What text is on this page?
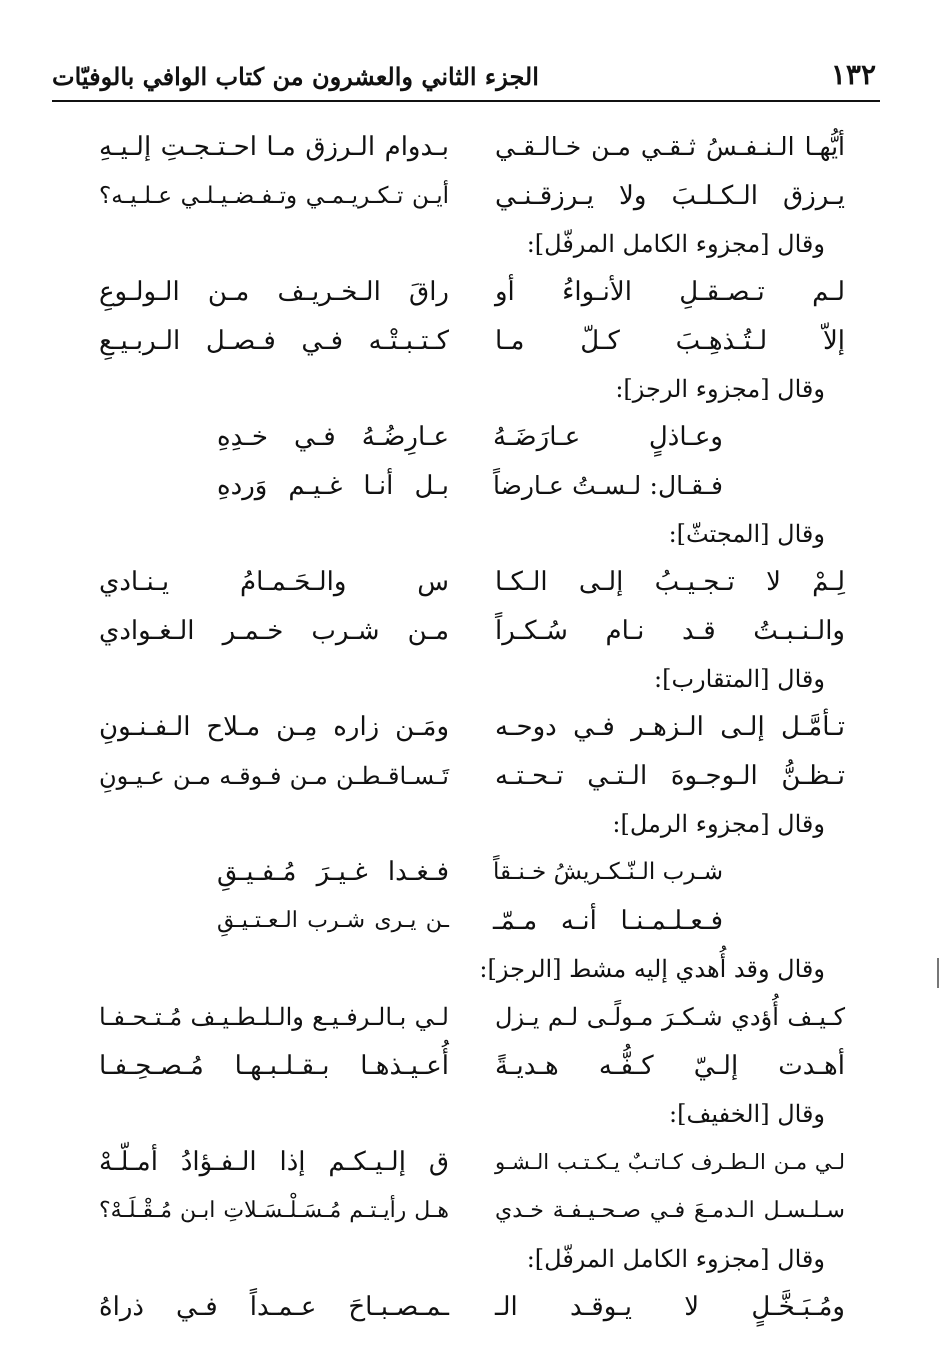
الجزء الثاني والعشرون من كتاب الوافي بالوفيّات	١٣٢
أيُّهـا الـنـفـسُ ثـقـي مـن خـالـقـي
بـدوام الـرزق مـا احـتـجـتِ إلـيـهِ
يـرزق الـكـلـبَ ولا يـرزقـنـي
أيـن تـكـريـمـي وتـفـضـيـلـي عـلـيـه؟
وقال [مجزوء الكامل المرفّل]:
لـم تـصـقـلِ الأنـواءُ أو
راقَ الـخـريـف مـن الـولـوعِ
إلاّ لـتُـذهِـبَ كـلّ مـا
كـتـبـتْـه فـي فـصـل الـربـيـعِ
وقال [مجزوء الرجز]:
وعـاذلٍ عـارَضَـهُ
عـارِضُـهُ فـي خـدِهِ
فـقـال: لـسـتُ عـارضاً
بـل أنـا غـيـم وَردهِ
وقال [المجتثّ]:
لِـمْ لا تـجـيـبُ إلـى الـكـا
س والـحَـمـامُ يـنـادي
والـنـبـتُ قـد نـام سُـكـراً
مـن شـرب خـمـر الـغـوادي
وقال [المتقارب]:
تـأمَّـل إلـى الـزهـر فـي دوحـه
ومَـن زاره مِـن مـلاح الـفـنـونِ
تـظـنُّ الـوجـوهَ الـتـي تـحـتـه
تَـسـاقـطـن مـن فـوقـه مـن عـيـونِ
وقال [مجزوء الرمل]:
شـرب الـنّـكـريشُ خـنـقاً
فـغـدا غـيـرَ مُـفـيـقِ
فـعـلـمـنـا أنـه مـمّـ
ـن يـرى شـرب الـعـتـيـقِ
وقال وقد أُهدي إليه مشط [الرجز]:
كـيـف أُؤدي شـكـرَ مـولًـى لـم يـزل
لـي بـالـرفـيـع والـلـطـيـف مُـتـحـفـا
أهـدت إلـيّ كـفُّـه هـديـةً
أُعـيـذهـا بـقـلـبـهـا مُـصـحِـفـا
وقال [الخفيف]:
لـي مـن الـطـرف كـاتـبٌ يـكـتـب الـشـو
ق إلـيـكـم إذا الـفـؤادُ أمـلّـهْ
سـلـسـل الـدمـعَ فـي صـحـيـفـة خـدي
هـل رأيـتـم مُـسَـلْـسَـلاتِ ابـن مُـقْـلَـهْ؟
وقال [مجزوء الكامل المرفّل]:
ومُـبَـخَّـلٍ لا يـوقـد الـ
ـمـصـبـاحَ عـمـداً فـي ذراهُ
